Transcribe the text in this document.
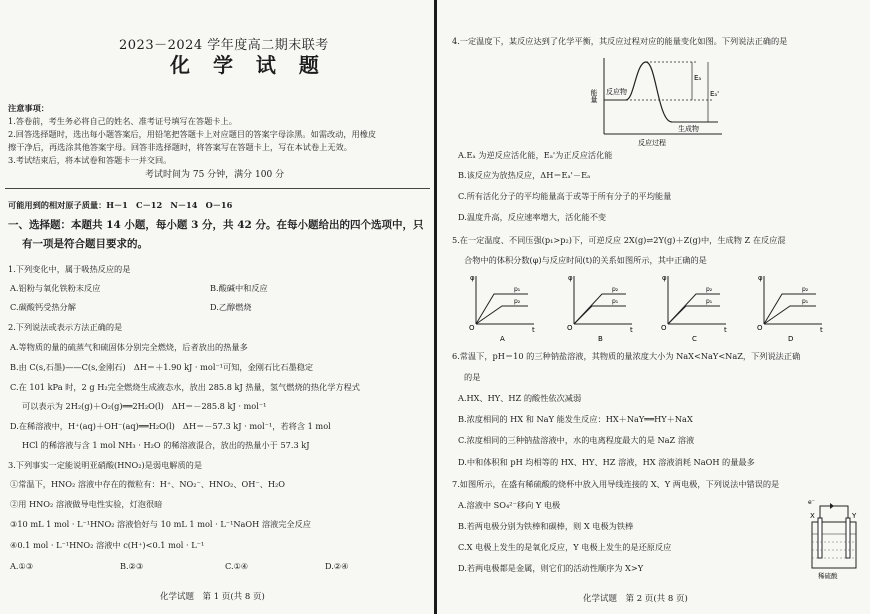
2023－2024 学年度高二期末联考
化 学 试 题
注意事项：
1.答卷前，考生务必将自己的姓名、准考证号填写在答题卡上。
2.回答选择题时，选出每小题答案后，用铅笔把答题卡上对应题目的答案字母涂黑。如需改动，用橡皮
擦干净后，再选涂其他答案字母。回答非选择题时，将答案写在答题卡上，写在本试卷上无效。
3.考试结束后，将本试卷和答题卡一并交回。
考试时间为 75 分钟，满分 100 分
可能用到的相对原子质量：H－1　C－12　N－14　O－16
一、选择题：本题共 14 小题，每小题 3 分，共 42 分。在每小题给出的四个选项中，只
有一项是符合题目要求的。
1.下列变化中，属于吸热反应的是
A.铝粉与氧化铁粉末反应	B.酸碱中和反应
C.碳酸钙受热分解	D.乙醇燃烧
2.下列说法或表示方法正确的是
A.等物质的量的硫蒸气和硫固体分别完全燃烧，后者放出的热量多
B.由 C(s,石墨)——C(s,金刚石)　ΔH＝＋1.90 kJ · mol⁻¹可知，金刚石比石墨稳定
C.在 101 kPa 时，2 g H₂完全燃烧生成液态水，放出 285.8 kJ 热量，氢气燃烧的热化学方程式
可以表示为 2H₂(g)＋O₂(g)══2H₂O(l)　ΔH＝－285.8 kJ · mol⁻¹
D.在稀溶液中，H⁺(aq)＋OH⁻(aq)══H₂O(l)　ΔH＝－57.3 kJ · mol⁻¹，若将含 1 mol
HCl 的稀溶液与含 1 mol NH₃ · H₂O 的稀溶液混合，放出的热量小于 57.3 kJ
3.下列事实一定能说明亚硝酸(HNO₂)是弱电解质的是
①常温下，HNO₂ 溶液中存在的微粒有：H⁺、NO₂⁻、HNO₂、OH⁻、H₂O
②用 HNO₂ 溶液做导电性实验，灯泡很暗
③10 mL 1 mol · L⁻¹HNO₂ 溶液恰好与 10 mL 1 mol · L⁻¹NaOH 溶液完全反应
④0.1 mol · L⁻¹HNO₂ 溶液中 c(H⁺)<0.1 mol · L⁻¹
A.①③	B.②③	C.①④	D.②④
化学试题　第 1 页(共 8 页)
4.一定温度下，某反应达到了化学平衡，其反应过程对应的能量变化如图。下列说法正确的是
能量
Eₐ
Eₐ'
反应物
生成物
反应过程
A.Eₐ 为逆反应活化能，Eₐ'为正反应活化能
B.该反应为放热反应，ΔH＝Eₐ'－Eₐ
C.所有活化分子的平均能量高于或等于所有分子的平均能量
D.温度升高，反应速率增大，活化能不变
5.在一定温度、不同压强(p₁>p₂)下，可逆反应 2X(g)⇌2Y(g)＋Z(g)中，生成物 Z 在反应混
合物中的体积分数(φ)与反应时间(t)的关系如图所示，其中正确的是
φ
O	t
p₁
p₂
A
φ
O	t
p₂
p₁
B
φ
O	t
p₂
p₁
C
φ
O	t
p₂
p₁
D
6.常温下，pH＝10 的三种钠盐溶液，其物质的量浓度大小为 NaX<NaY<NaZ，下列说法正确
的是
A.HX、HY、HZ 的酸性依次减弱
B.浓度相同的 HX 和 NaY 能发生反应：HX＋NaY══HY＋NaX
C.浓度相同的三种钠盐溶液中，水的电离程度最大的是 NaZ 溶液
D.中和体积和 pH 均相等的 HX、HY、HZ 溶液，HX 溶液消耗 NaOH 的量最多
7.如图所示，在盛有稀硫酸的烧杯中放入用导线连接的 X、Y 两电极，下列说法中错误的是
A.溶液中 SO₄²⁻移向 Y 电极
B.若两电极分别为铁棒和碳棒，则 X 电极为铁棒
C.X 电极上发生的是氧化反应，Y 电极上发生的是还原反应
D.若两电极都是金属，则它们的活动性顺序为 X>Y
e⁻
X	Y
稀硫酸
化学试题　第 2 页(共 8 页)
